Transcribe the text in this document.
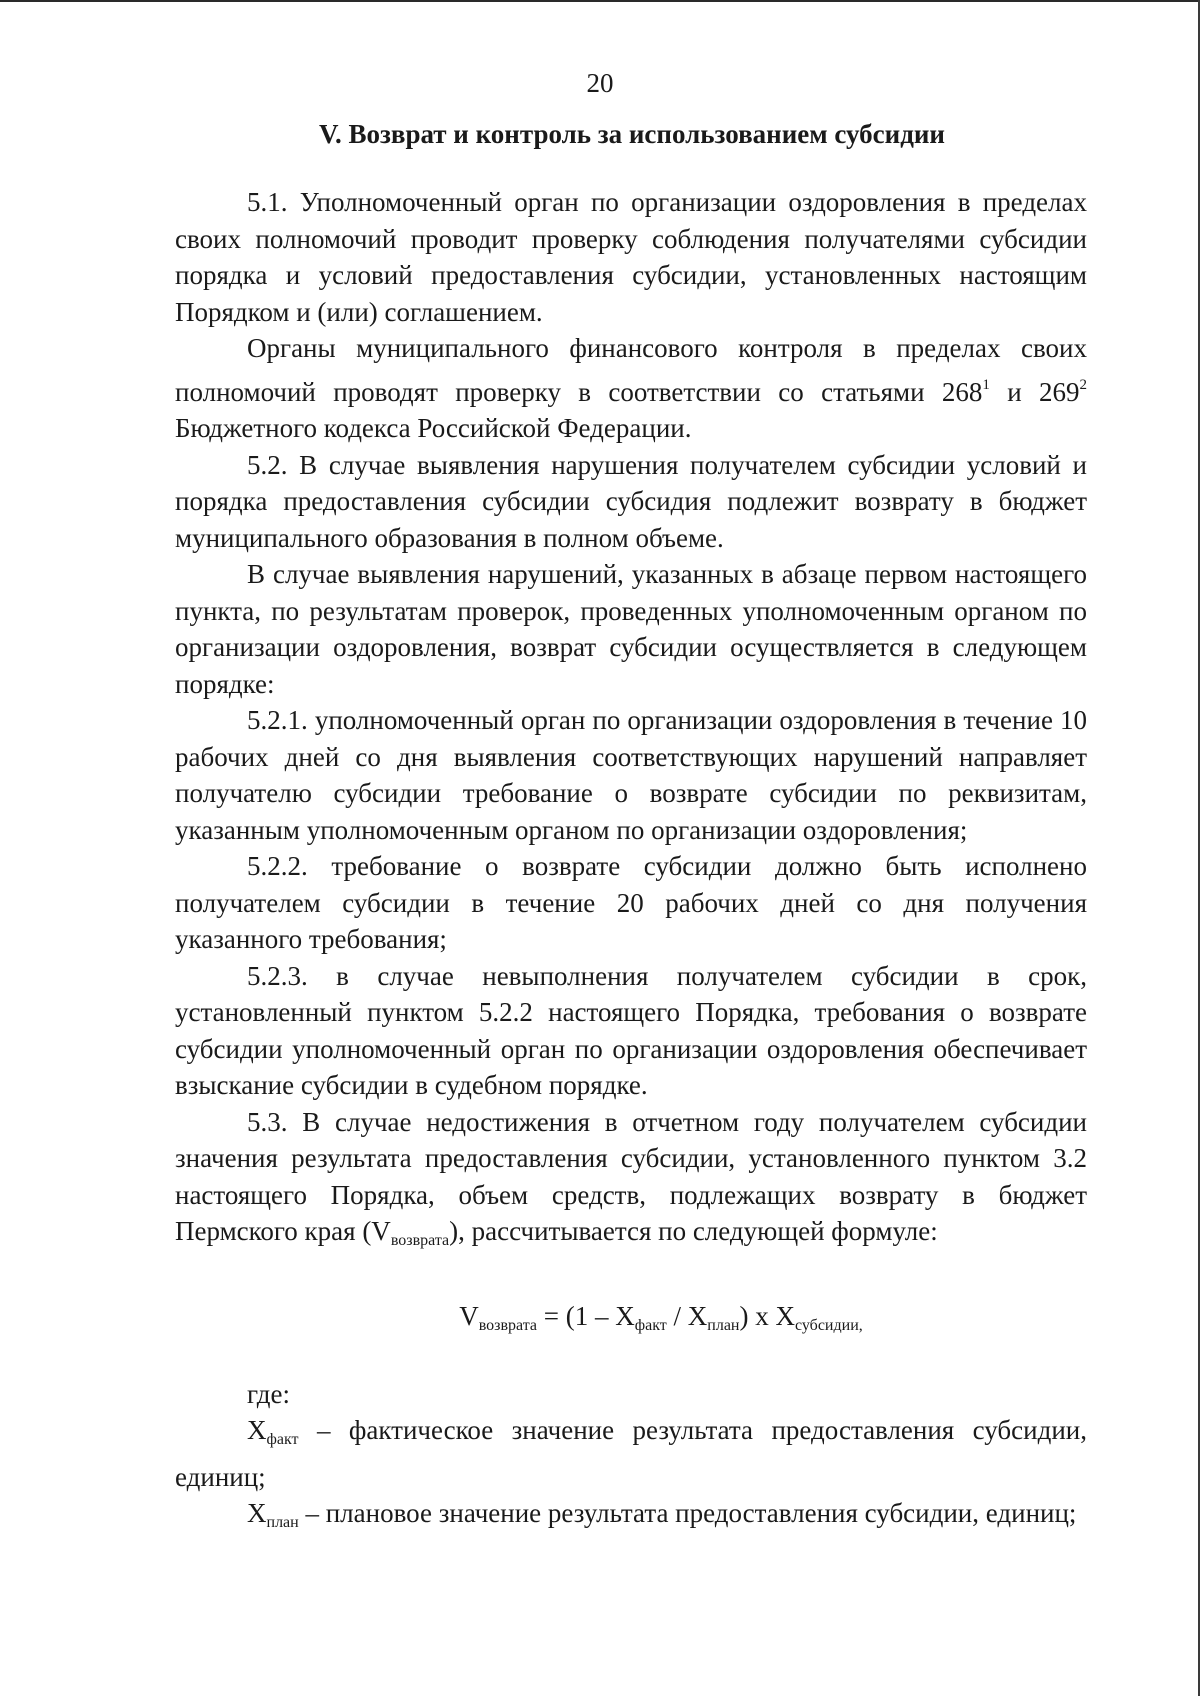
20
V. Возврат и контроль за использованием субсидии

5.1. Уполномоченный орган по организации оздоровления в пределах своих полномочий проводит проверку соблюдения получателями субсидии порядка и условий предоставления субсидии, установленных настоящим Порядком и (или) соглашением.

Органы муниципального финансового контроля в пределах своих полномочий проводят проверку в соответствии со статьями $268^1$ и $269^2$ Бюджетного кодекса Российской Федерации.

5.2. В случае выявления нарушения получателем субсидии условий и порядка предоставления субсидии субсидия подлежит возврату в бюджет муниципального образования в полном объеме.

В случае выявления нарушений, указанных в абзаце первом настоящего пункта, по результатам проверок, проведенных уполномоченным органом по организации оздоровления, возврат субсидии осуществляется в следующем порядке:

5.2.1. уполномоченный орган по организации оздоровления в течение 10 рабочих дней со дня выявления соответствующих нарушений направляет получателю субсидии требование о возврате субсидии по реквизитам, указанным уполномоченным органом по организации оздоровления;

5.2.2. требование о возврате субсидии должно быть исполнено получателем субсидии в течение 20 рабочих дней со дня получения указанного требования;

5.2.3. в случае невыполнения получателем субсидии в срок, установленный пунктом 5.2.2 настоящего Порядка, требования о возврате субсидии уполномоченный орган по организации оздоровления обеспечивает взыскание субсидии в судебном порядке.

5.3. В случае недостижения в отчетном году получателем субсидии значения результата предоставления субсидии, установленного пунктом 3.2 настоящего Порядка, объем средств, подлежащих возврату в бюджет Пермского края $(V_{возврата})$, рассчитывается по следующей формуле:

$V_{возврата} = (1 - X_{факт} / X_{план})$ x $X_{субсидии,}$

где:

$X_{факт}$ – фактическое значение результата предоставления субсидии, единиц;

$X_{план}$ – плановое значение результата предоставления субсидии, единиц;
